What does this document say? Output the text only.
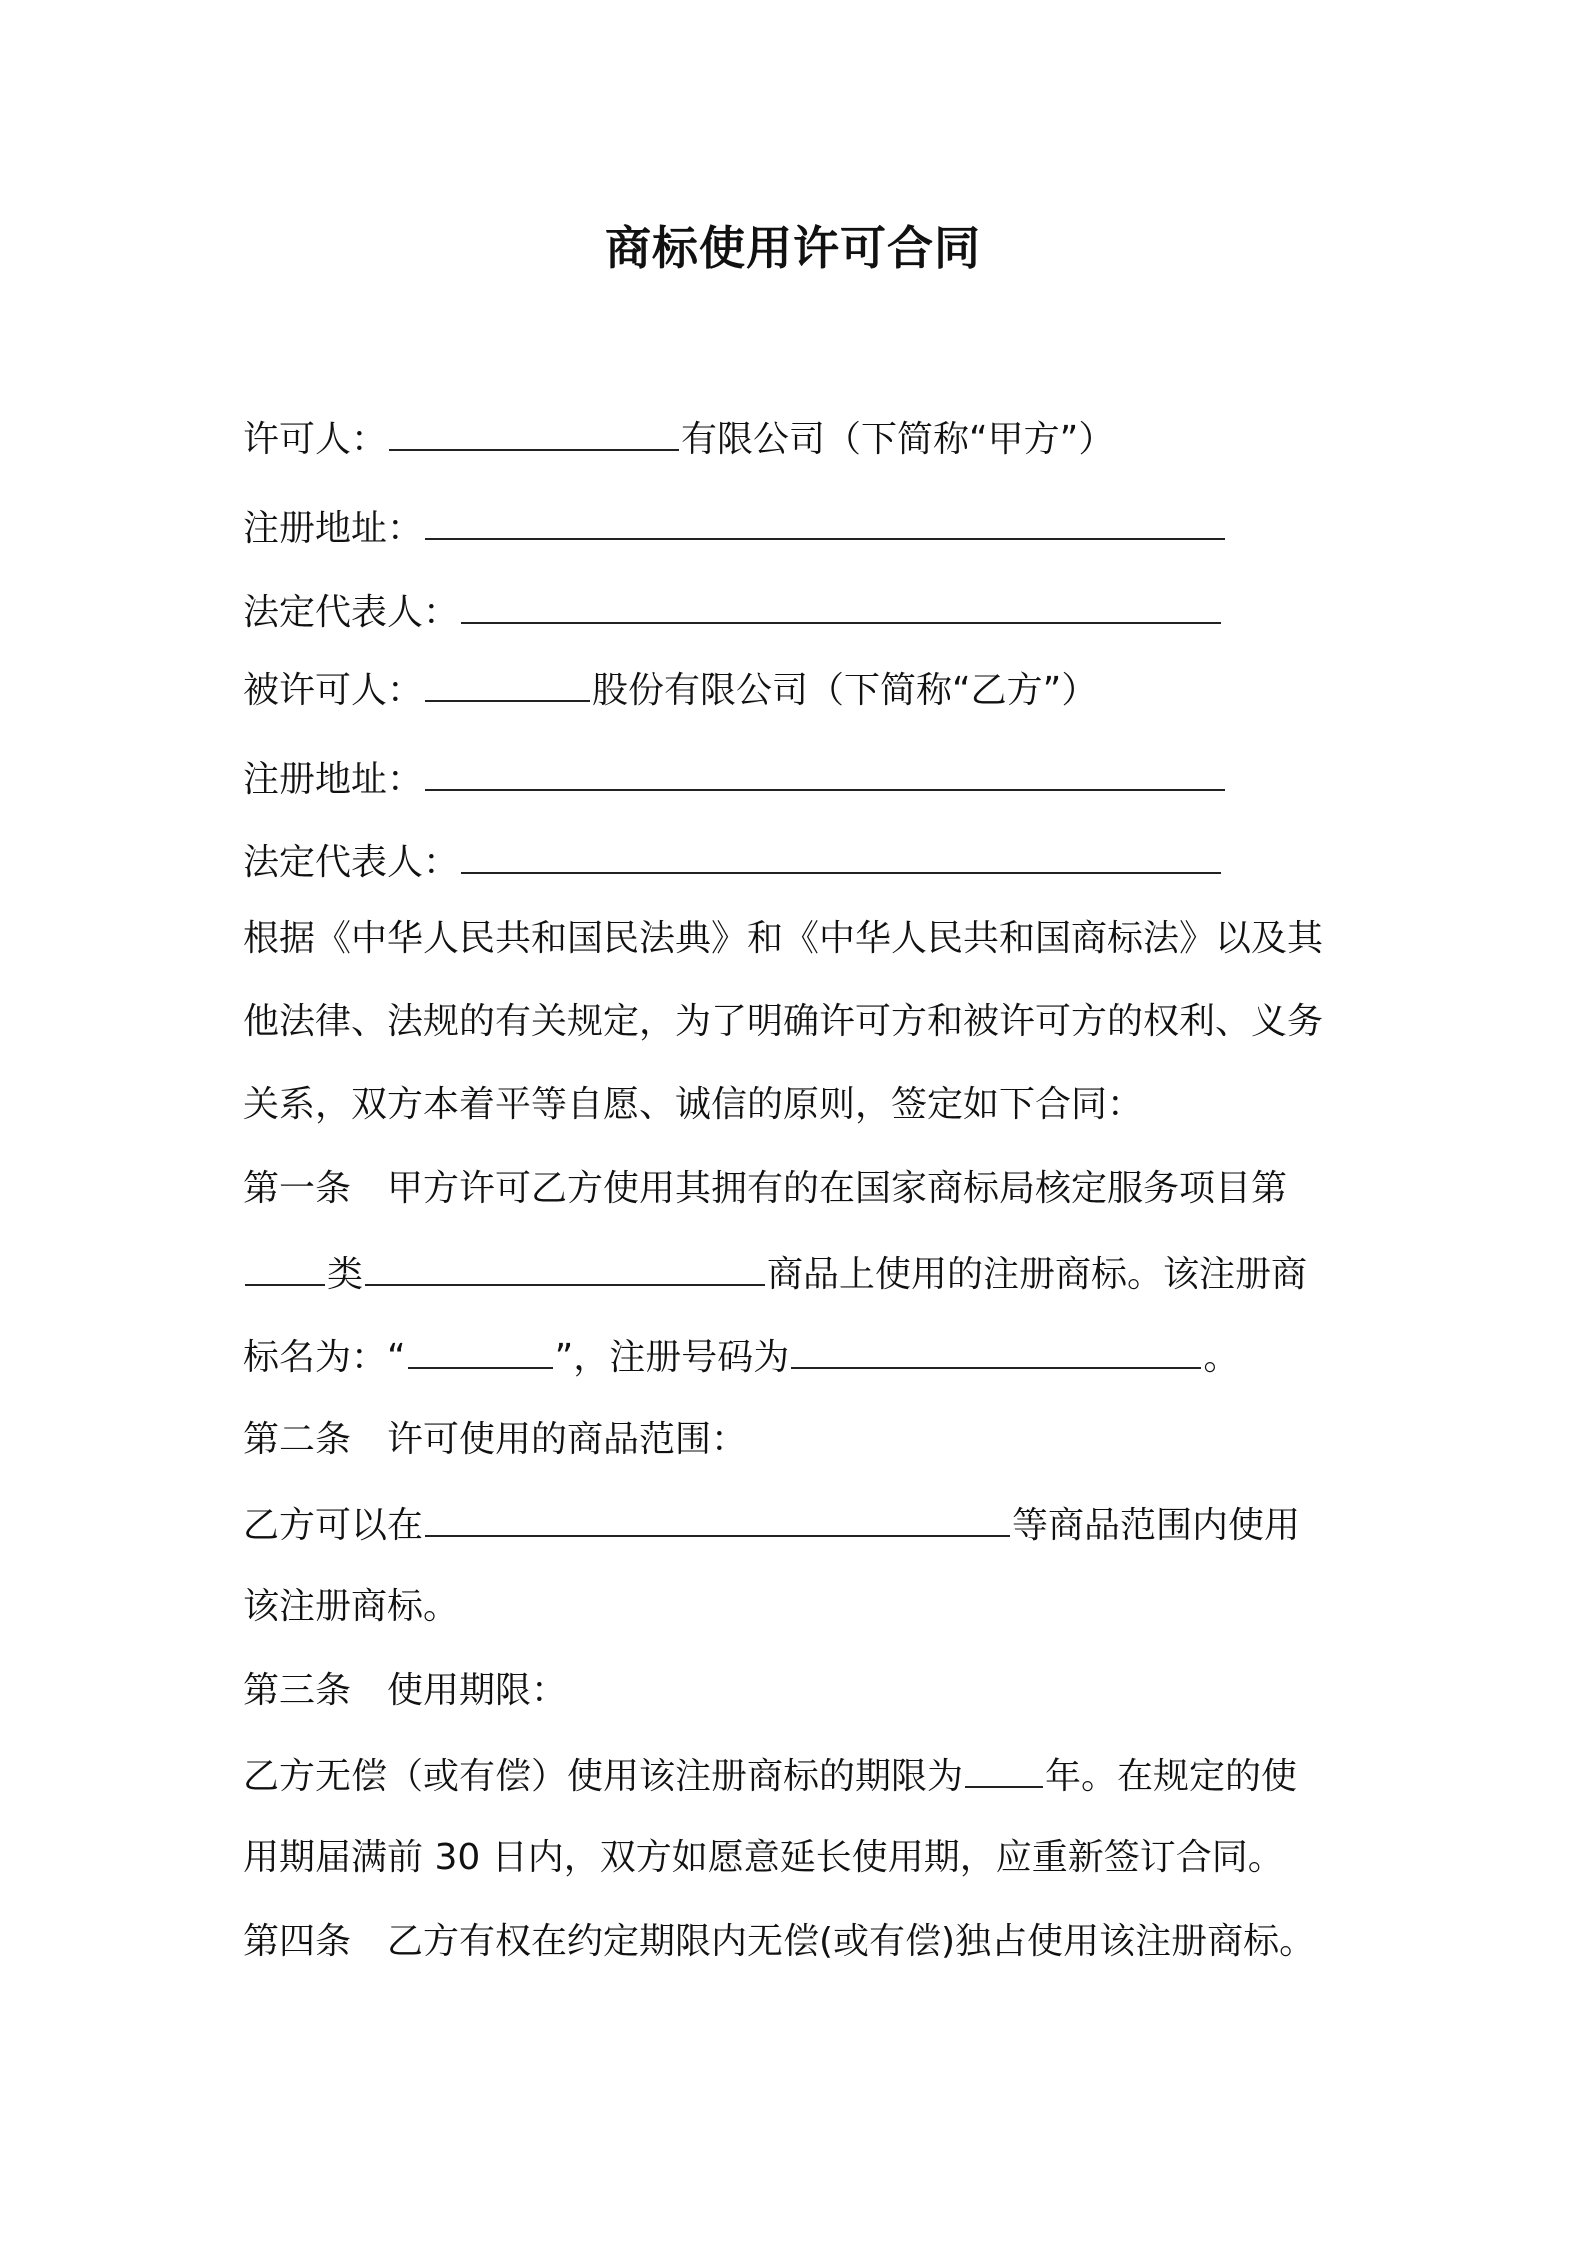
商标使用许可合同
许可人：	有限公司（下简称“甲方”）
注册地址：
法定代表人：
被许可人：	股份有限公司（下简称“乙方”）
注册地址：
法定代表人：
根据《中华人民共和国民法典》和《中华人民共和国商标法》以及其
他法律、法规的有关规定，为了明确许可方和被许可方的权利、义务
关系，双方本着平等自愿、诚信的原则，签定如下合同：
第一条 甲方许可乙方使用其拥有的在国家商标局核定服务项目第
类	商品上使用的注册商标。该注册商
标名为：“	”，注册号码为	。
第二条 许可使用的商品范围：
乙方可以在	等商品范围内使用
该注册商标。
第三条 使用期限：
乙方无偿（或有偿）使用该注册商标的期限为 年。在规定的使
用期届满前 30 日内，双方如愿意延长使用期，应重新签订合同。
第四条 乙方有权在约定期限内无偿(或有偿)独占使用该注册商标。
